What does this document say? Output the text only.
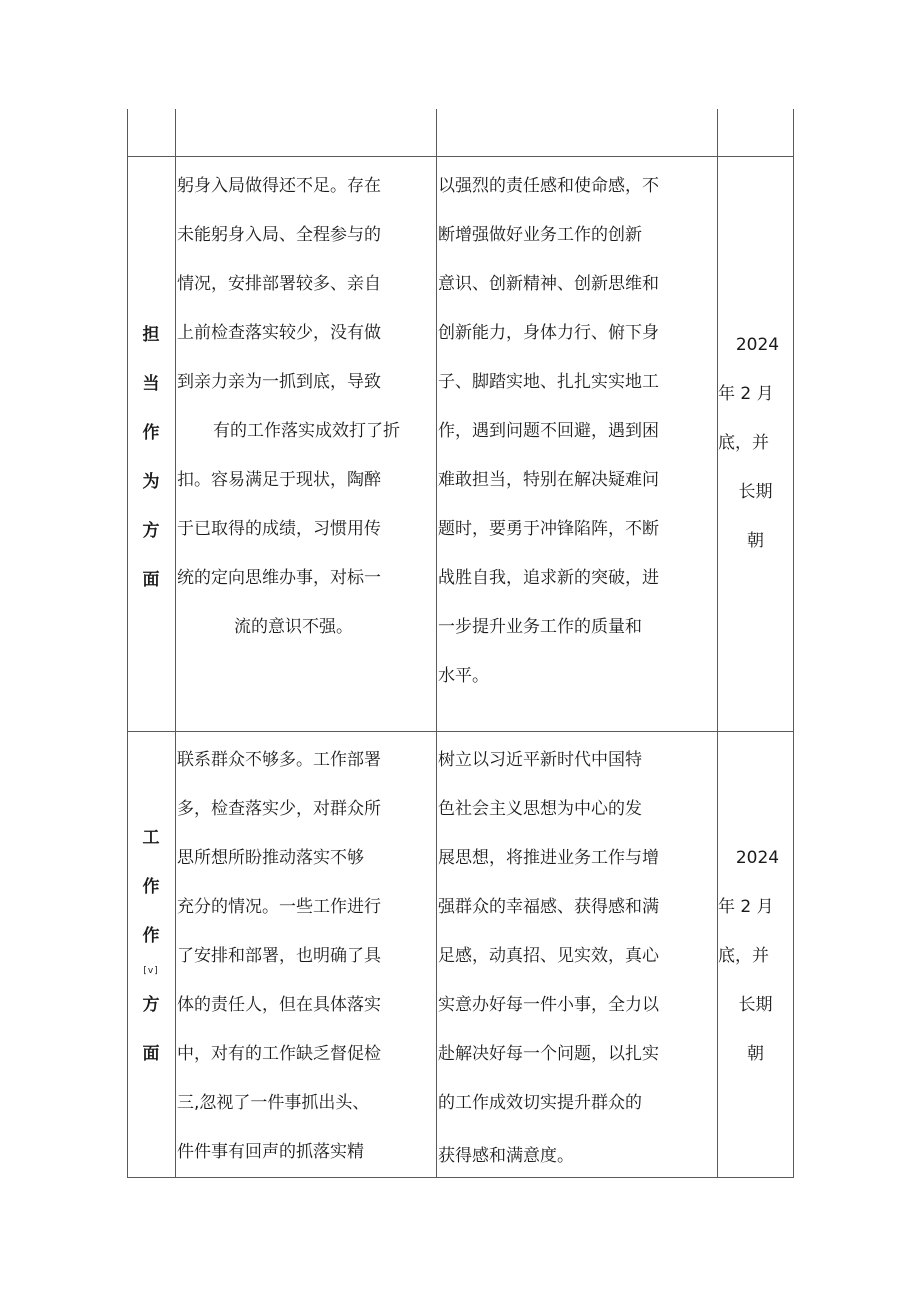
担
当
作
为
方
面
躬身入局做得还不足。存在
未能躬身入局、全程参与的
情况，安排部署较多、亲自
上前检查落实较少，没有做
到亲力亲为一抓到底，导致
有的工作落实成效打了折
扣。容易满足于现状，陶醉
于已取得的成绩，习惯用传
统的定向思维办事，对标一
流的意识不强。
以强烈的责任感和使命感，不
断增强做好业务工作的创新
意识、创新精神、创新思维和
创新能力，身体力行、俯下身
子、脚踏实地、扎扎实实地工
作，遇到问题不回避，遇到困
难敢担当，特别在解决疑难问
题时，要勇于冲锋陷阵，不断
战胜自我，追求新的突破，进
一步提升业务工作的质量和
水平。
2024
年 2 月
底，并
长期
朝
工
作
作
[v]
方
面
联系群众不够多。工作部署
多，检查落实少，对群众所
思所想所盼推动落实不够
充分的情况。一些工作进行
了安排和部署，也明确了具
体的责任人，但在具体落实
中，对有的工作缺乏督促检
三,忽视了一件事抓出头、
件件事有回声的抓落实精
树立以习近平新时代中国特
色社会主义思想为中心的发
展思想，将推进业务工作与增
强群众的幸福感、获得感和满
足感，动真招、见实效，真心
实意办好每一件小事，全力以
赴解决好每一个问题，以扎实
的工作成效切实提升群众的
获得感和满意度。
2024
年 2 月
底，并
长期
朝
